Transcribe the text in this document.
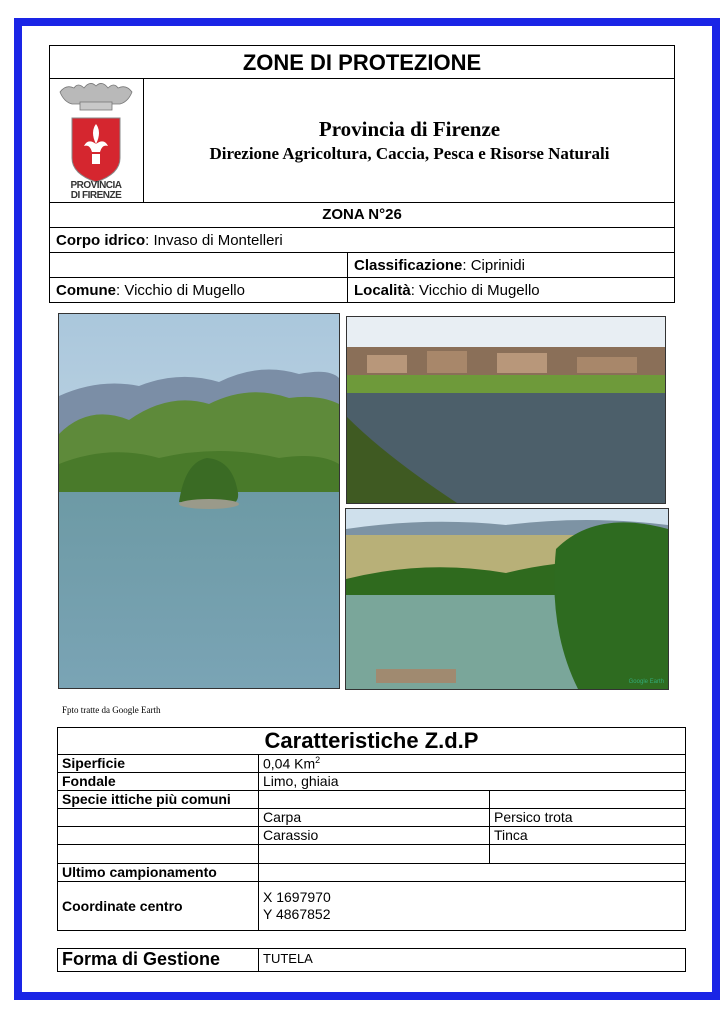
ZONE DI PROTEZIONE
PROVINCIA
DI FIRENZE
Provincia di Firenze
Direzione Agricoltura, Caccia, Pesca e Risorse Naturali
ZONA N°26
Corpo idrico: Invaso di Montelleri
Classificazione: Ciprinidi
Comune: Vicchio di Mugello	Località: Vicchio di Mugello
Google Earth
Fpto tratte da Google Earth
Caratteristiche Z.d.P		
Siperficie	0,04 Km$^2$
Fondale	Limo, ghiaia	
Specie ittiche più comuni		
	Carpa	Persico trota
	Carassio	Tinca

Ultimo campionamento		
Coordinate centro	X 1697970
Y 4867852	
Forma di Gestione	TUTELA
